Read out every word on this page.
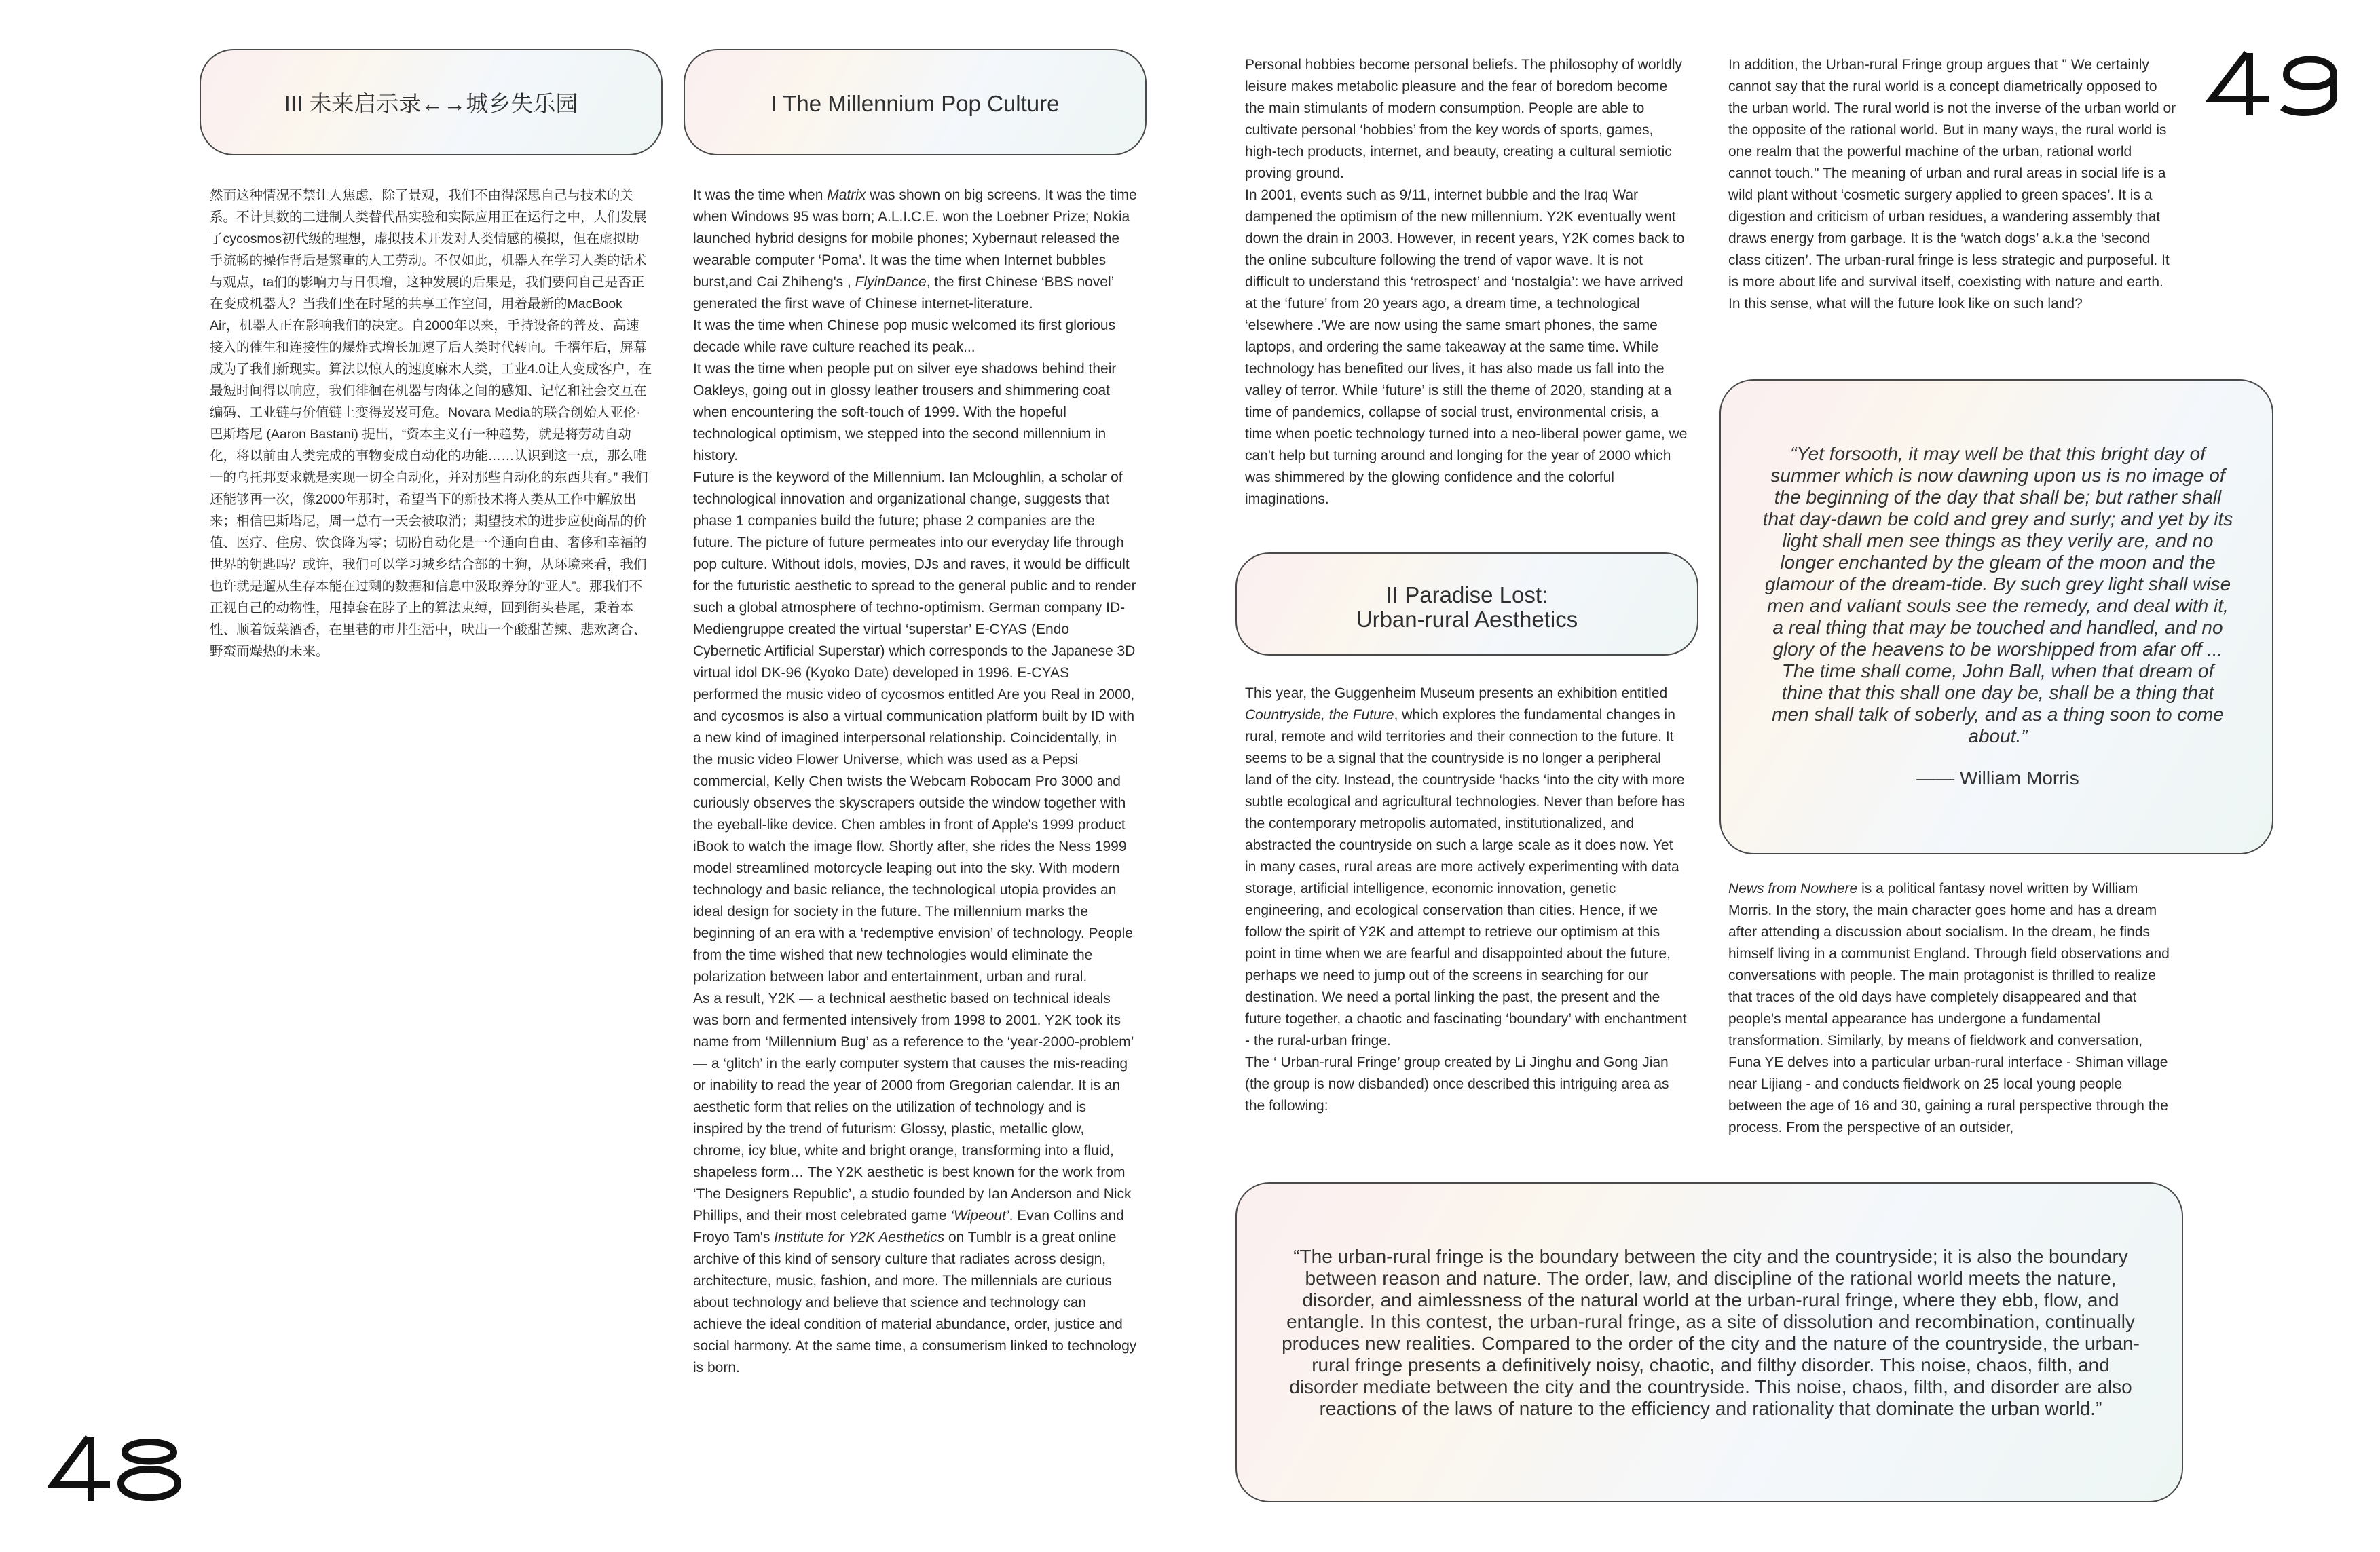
III 未来启示录←→城乡失乐园	I The Millennium Pop Culture
II Paradise Lost:
Urban-rural Aesthetics

然而这种情况不禁让人焦虑，除了景观，我们不由得深思自己与技术的关系。不计其数的二进制人类替代品实验和实际应用正在运行之中，人们发展了cycosmos初代级的理想，虚拟技术开发对人类情感的模拟，但在虚拟助手流畅的操作背后是繁重的人工劳动。不仅如此，机器人在学习人类的话术与观点，ta们的影响力与日俱增，这种发展的后果是，我们要问自己是否正在变成机器人？当我们坐在时髦的共享工作空间，用着最新的MacBook Air，机器人正在影响我们的决定。自2000年以来，手持设备的普及、高速接入的催生和连接性的爆炸式增长加速了后人类时代转向。千禧年后，屏幕成为了我们新现实。算法以惊人的速度麻木人类，工业4.0让人变成客户，在最短时间得以响应，我们徘徊在机器与肉体之间的感知、记忆和社会交互在编码、工业链与价值链上变得岌岌可危。Novara Media的联合创始人亚伦·巴斯塔尼 (Aaron Bastani) 提出，“资本主义有一种趋势，就是将劳动自动化，将以前由人类完成的事物变成自动化的功能……认识到这一点，那么唯一的乌托邦要求就是实现一切全自动化，并对那些自动化的东西共有。” 我们还能够再一次，像2000年那时，希望当下的新技术将人类从工作中解放出来；相信巴斯塔尼，周一总有一天会被取消；期望技术的进步应使商品的价值、医疗、住房、饮食降为零；切盼自动化是一个通向自由、奢侈和幸福的世界的钥匙吗？或许，我们可以学习城乡结合部的土狗，从环境来看，我们也许就是遛从生存本能在过剩的数据和信息中汲取养分的“亚人”。那我们不正视自己的动物性，甩掉套在脖子上的算法束缚，回到街头巷尾，秉着本性、顺着饭菜酒香，在里巷的市井生活中，吠出一个酸甜苦辣、悲欢离合、野蛮而燥热的未来。

It was the time when Matrix was shown on big screens. It was the time when Windows 95 was born; A.L.I.C.E. won the Loebner Prize; Nokia launched hybrid designs for mobile phones; Xybernaut released the wearable computer ‘Poma’. It was the time when Internet bubbles burst,and Cai Zhiheng's , FlyinDance, the first Chinese ‘BBS novel’ generated the first wave of Chinese internet-literature.

It was the time when Chinese pop music welcomed its first glorious decade while rave culture reached its peak...

It was the time when people put on silver eye shadows behind their Oakleys, going out in glossy leather trousers and shimmering coat when encountering the soft-touch of 1999. With the hopeful technological optimism, we stepped into the second millennium in history.

Future is the keyword of the Millennium. Ian Mcloughlin, a scholar of technological innovation and organizational change, suggests that phase 1 companies build the future; phase 2 companies are the future. The picture of future permeates into our everyday life through pop culture. Without idols, movies, DJs and raves, it would be difficult for the futuristic aesthetic to spread to the general public and to render such a global atmosphere of techno-optimism. German company ID-Mediengruppe created the virtual ‘superstar’ E-CYAS (Endo Cybernetic Artificial Superstar) which corresponds to the Japanese 3D virtual idol DK-96 (Kyoko Date) developed in 1996. E-CYAS performed the music video of cycosmos entitled Are you Real in 2000, and cycosmos is also a virtual communication platform built by ID with a new kind of imagined interpersonal relationship. Coincidentally, in the music video Flower Universe, which was used as a Pepsi commercial, Kelly Chen twists the Webcam Robocam Pro 3000 and curiously observes the skyscrapers outside the window together with the eyeball-like device. Chen ambles in front of Apple's 1999 product iBook to watch the image flow. Shortly after, she rides the Ness 1999 model streamlined motorcycle leaping out into the sky. With modern technology and basic reliance, the technological utopia provides an ideal design for society in the future. The millennium marks the beginning of an era with a ‘redemptive envision’ of technology. People from the time wished that new technologies would eliminate the polarization between labor and entertainment, urban and rural.

As a result, Y2K — a technical aesthetic based on technical ideals was born and fermented intensively from 1998 to 2001. Y2K took its name from ‘Millennium Bug’ as a reference to the ‘year-2000-problem’ — a ‘glitch’ in the early computer system that causes the mis-reading or inability to read the year of 2000 from Gregorian calendar. It is an aesthetic form that relies on the utilization of technology and is inspired by the trend of futurism: Glossy, plastic, metallic glow, chrome, icy blue, white and bright orange, transforming into a fluid, shapeless form… The Y2K aesthetic is best known for the work from ‘The Designers Republic’, a studio founded by Ian Anderson and Nick Phillips, and their most celebrated game ‘Wipeout’. Evan Collins and Froyo Tam's Institute for Y2K Aesthetics on Tumblr is a great online archive of this kind of sensory culture that radiates across design, architecture, music, fashion, and more. The millennials are curious about technology and believe that science and technology can achieve the ideal condition of material abundance, order, justice and social harmony. At the same time, a consumerism linked to technology is born.

Personal hobbies become personal beliefs. The philosophy of worldly leisure makes metabolic pleasure and the fear of boredom become the main stimulants of modern consumption. People are able to cultivate personal ‘hobbies’ from the key words of sports, games, high-tech products, internet, and beauty, creating a cultural semiotic proving ground.

In 2001, events such as 9/11, internet bubble and the Iraq War dampened the optimism of the new millennium. Y2K eventually went down the drain in 2003. However, in recent years, Y2K comes back to the online subculture following the trend of vapor wave. It is not difficult to understand this ‘retrospect’ and ‘nostalgia’: we have arrived at the ‘future’ from 20 years ago, a dream time, a technological ‘elsewhere .’We are now using the same smart phones, the same laptops, and ordering the same takeaway at the same time. While technology has benefited our lives, it has also made us fall into the valley of terror. While ‘future’ is still the theme of 2020, standing at a time of pandemics, collapse of social trust, environmental crisis, a time when poetic technology turned into a neo-liberal power game, we can't help but turning around and longing for the year of 2000 which was shimmered by the glowing confidence and the colorful imaginations.

This year, the Guggenheim Museum presents an exhibition entitled Countryside, the Future, which explores the fundamental changes in rural, remote and wild territories and their connection to the future. It seems to be a signal that the countryside is no longer a peripheral land of the city. Instead, the countryside ‘hacks ‘into the city with more subtle ecological and agricultural technologies. Never than before has the contemporary metropolis automated, institutionalized, and abstracted the countryside on such a large scale as it does now. Yet in many cases, rural areas are more actively experimenting with data storage, artificial intelligence, economic innovation, genetic engineering, and ecological conservation than cities. Hence, if we follow the spirit of Y2K and attempt to retrieve our optimism at this point in time when we are fearful and disappointed about the future, perhaps we need to jump out of the screens in searching for our destination. We need a portal linking the past, the present and the future together, a chaotic and fascinating ‘boundary’ with enchantment - the rural-urban fringe.

The ‘ Urban-rural Fringe’ group created by Li Jinghu and Gong Jian (the group is now disbanded) once described this intriguing area as the following:

In addition, the Urban-rural Fringe group argues that " We certainly cannot say that the rural world is a concept diametrically opposed to the urban world. The rural world is not the inverse of the urban world or the opposite of the rational world. But in many ways, the rural world is one realm that the powerful machine of the urban, rational world cannot touch." The meaning of urban and rural areas in social life is a wild plant without ‘cosmetic surgery applied to green spaces’. It is a digestion and criticism of urban residues, a wandering assembly that draws energy from garbage. It is the ‘watch dogs’ a.k.a the ‘second class citizen’. The urban-rural fringe is less strategic and purposeful. It is more about life and survival itself, coexisting with nature and earth. In this sense, what will the future look like on such land?

“Yet forsooth, it may well be that this bright day of summer which is now dawning upon us is no image of the beginning of the day that shall be; but rather shall that day-dawn be cold and grey and surly; and yet by its light shall men see things as they verily are, and no longer enchanted by the gleam of the moon and the glamour of the dream-tide. By such grey light shall wise men and valiant souls see the remedy, and deal with it, a real thing that may be touched and handled, and no glory of the heavens to be worshipped from afar off ... The time shall come, John Ball, when that dream of thine that this shall one day be, shall be a thing that men shall talk of soberly, and as a thing soon to come about.”
—— William Morris

News from Nowhere is a political fantasy novel written by William Morris. In the story, the main character goes home and has a dream after attending a discussion about socialism. In the dream, he finds himself living in a communist England. Through field observations and conversations with people. The main protagonist is thrilled to realize that traces of the old days have completely disappeared and that people's mental appearance has undergone a fundamental transformation. Similarly, by means of fieldwork and conversation, Funa YE delves into a particular urban-rural interface - Shiman village near Lijiang - and conducts fieldwork on 25 local young people between the age of 16 and 30, gaining a rural perspective through the process. From the perspective of an outsider,

“The urban-rural fringe is the boundary between the city and the countryside; it is also the boundary between reason and nature. The order, law, and discipline of the rational world meets the nature, disorder, and aimlessness of the natural world at the urban-rural fringe, where they ebb, flow, and entangle. In this contest, the urban-rural fringe, as a site of dissolution and recombination, continually produces new realities. Compared to the order of the city and the nature of the countryside, the urban-rural fringe presents a definitively noisy, chaotic, and filthy disorder. This noise, chaos, filth, and disorder mediate between the city and the countryside. This noise, chaos, filth, and disorder are also reactions of the laws of nature to the efficiency and rationality that dominate the urban world.”
